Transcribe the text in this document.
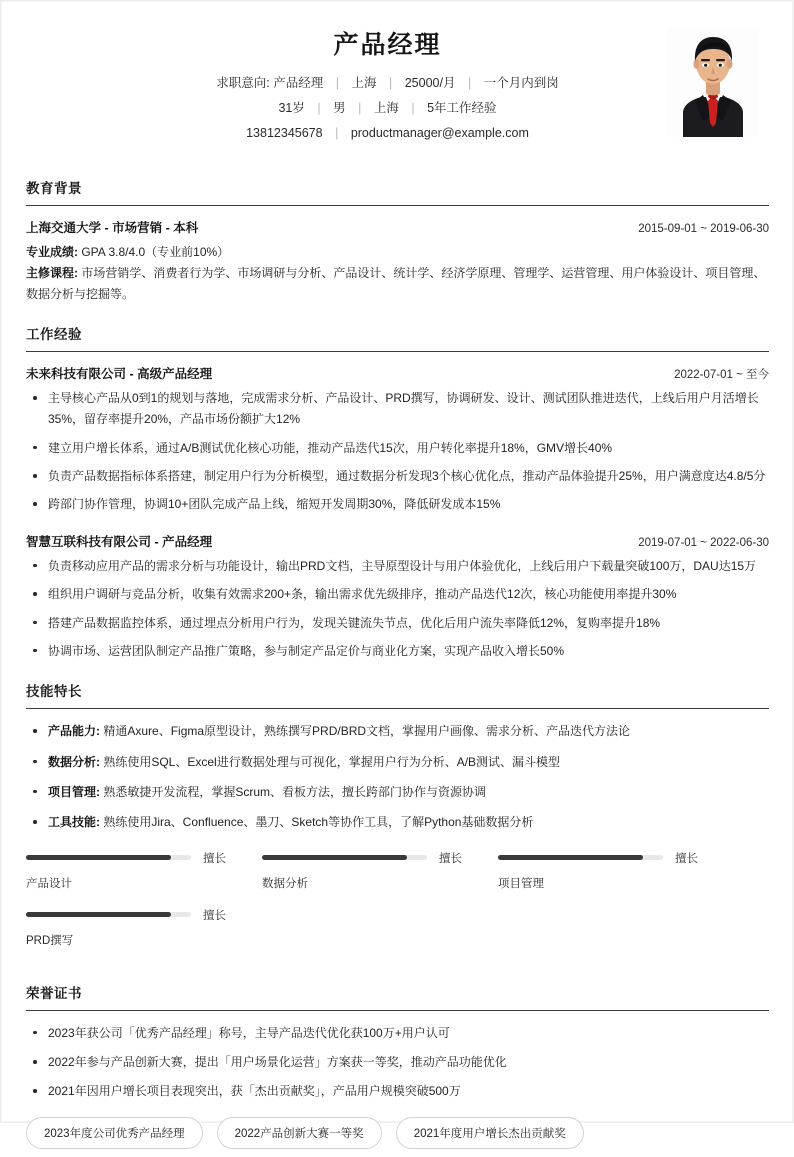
产品经理
求职意向: 产品经理 | 上海 | 25000/月 | 一个月内到岗
31岁 | 男 | 上海 | 5年工作经验
13812345678 | productmanager@example.com
教育背景
上海交通大学 - 市场营销 - 本科	2015-09-01 ~ 2019-06-30
专业成绩: GPA 3.8/4.0（专业前10%）
主修课程: 市场营销学、消费者行为学、市场调研与分析、产品设计、统计学、经济学原理、管理学、运营管理、用户体验设计、项目管理、数据分析与挖掘等。
工作经验
未来科技有限公司 - 高级产品经理	2022-07-01 ~ 至今
主导核心产品从0到1的规划与落地，完成需求分析、产品设计、PRD撰写，协调研发、设计、测试团队推进迭代，上线后用户月活增长35%，留存率提升20%，产品市场份额扩大12%
建立用户增长体系，通过A/B测试优化核心功能，推动产品迭代15次，用户转化率提升18%，GMV增长40%
负责产品数据指标体系搭建，制定用户行为分析模型，通过数据分析发现3个核心优化点，推动产品体验提升25%，用户满意度达4.8/5分
跨部门协作管理，协调10+团队完成产品上线，缩短开发周期30%，降低研发成本15%
智慧互联科技有限公司 - 产品经理	2019-07-01 ~ 2022-06-30
负责移动应用产品的需求分析与功能设计，输出PRD文档，主导原型设计与用户体验优化，上线后用户下载量突破100万，DAU达15万
组织用户调研与竞品分析，收集有效需求200+条，输出需求优先级排序，推动产品迭代12次，核心功能使用率提升30%
搭建产品数据监控体系，通过埋点分析用户行为，发现关键流失节点，优化后用户流失率降低12%，复购率提升18%
协调市场、运营团队制定产品推广策略，参与制定产品定价与商业化方案，实现产品收入增长50%
技能特长
产品能力: 精通Axure、Figma原型设计，熟练撰写PRD/BRD文档，掌握用户画像、需求分析、产品迭代方法论
数据分析: 熟练使用SQL、Excel进行数据处理与可视化，掌握用户行为分析、A/B测试、漏斗模型
项目管理: 熟悉敏捷开发流程，掌握Scrum、看板方法，擅长跨部门协作与资源协调
工具技能: 熟练使用Jira、Confluence、墨刀、Sketch等协作工具，了解Python基础数据分析
擅长
产品设计
擅长
数据分析
擅长
项目管理
擅长
PRD撰写
荣誉证书
2023年获公司「优秀产品经理」称号，主导产品迭代优化获100万+用户认可
2022年参与产品创新大赛，提出「用户场景化运营」方案获一等奖，推动产品功能优化
2021年因用户增长项目表现突出，获「杰出贡献奖」，产品用户规模突破500万
2023年度公司优秀产品经理	2022产品创新大赛一等奖	2021年度用户增长杰出贡献奖
